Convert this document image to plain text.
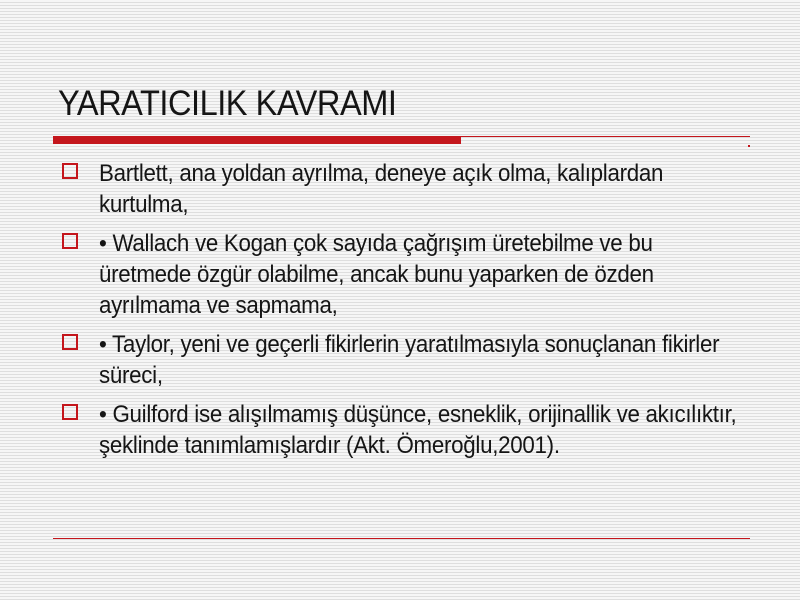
YARATICILIK KAVRAMI
Bartlett, ana yoldan ayrılma, deneye açık olma, kalıplardan kurtulma,
• Wallach ve Kogan çok sayıda çağrışım üretebilme ve bu üretmede özgür olabilme, ancak bunu yaparken de özden ayrılmama ve sapmama,
• Taylor, yeni ve geçerli fikirlerin yaratılmasıyla sonuçlanan fikirler süreci,
• Guilford ise alışılmamış düşünce, esneklik, orijinallik ve akıcılıktır, şeklinde tanımlamışlardır (Akt. Ömeroğlu,2001).
